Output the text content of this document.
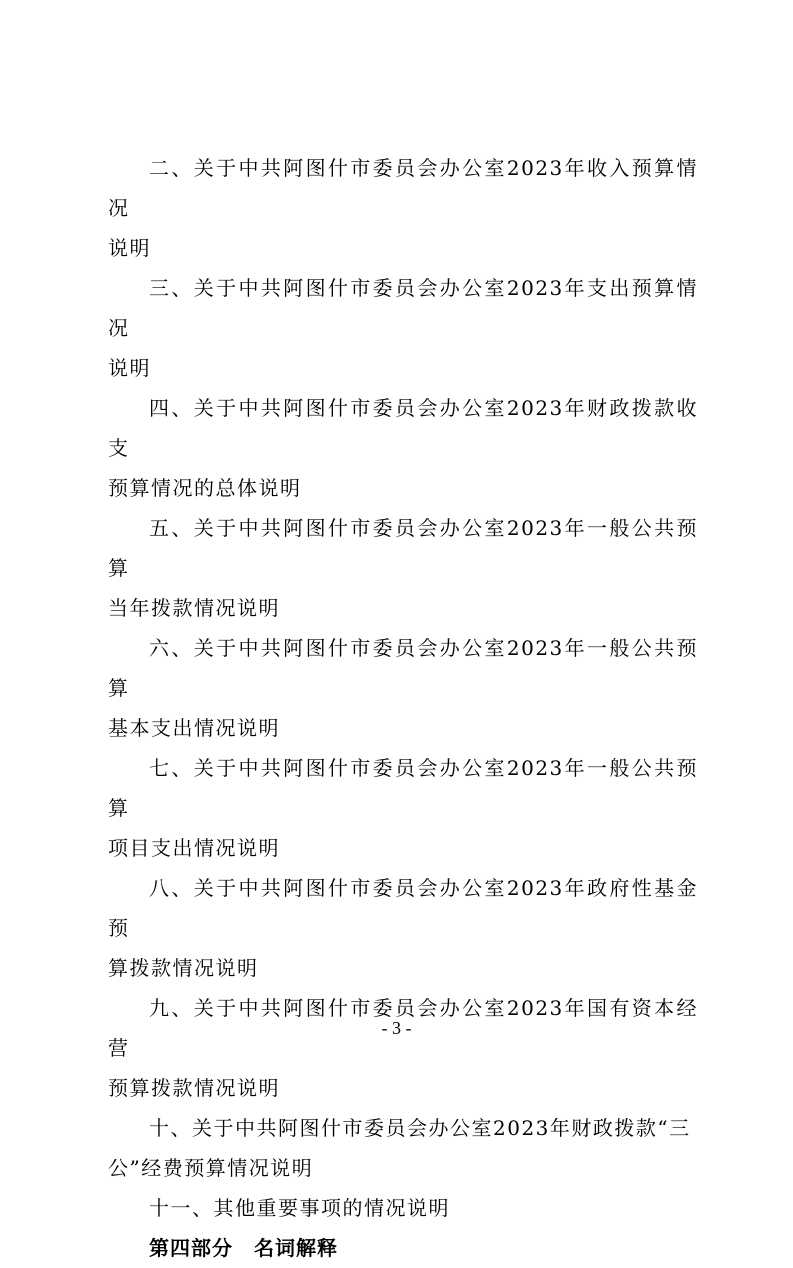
二、关于中共阿图什市委员会办公室2023年收入预算情况
说明

三、关于中共阿图什市委员会办公室2023年支出预算情况
说明

四、关于中共阿图什市委员会办公室2023年财政拨款收支
预算情况的总体说明

五、关于中共阿图什市委员会办公室2023年一般公共预算
当年拨款情况说明

六、关于中共阿图什市委员会办公室2023年一般公共预算
基本支出情况说明

七、关于中共阿图什市委员会办公室2023年一般公共预算
项目支出情况说明

八、关于中共阿图什市委员会办公室2023年政府性基金预
算拨款情况说明

九、关于中共阿图什市委员会办公室2023年国有资本经营
预算拨款情况说明

十、关于中共阿图什市委员会办公室2023年财政拨款“三
公”经费预算情况说明

十一、其他重要事项的情况说明

第四部分　名词解释

- 3 -
